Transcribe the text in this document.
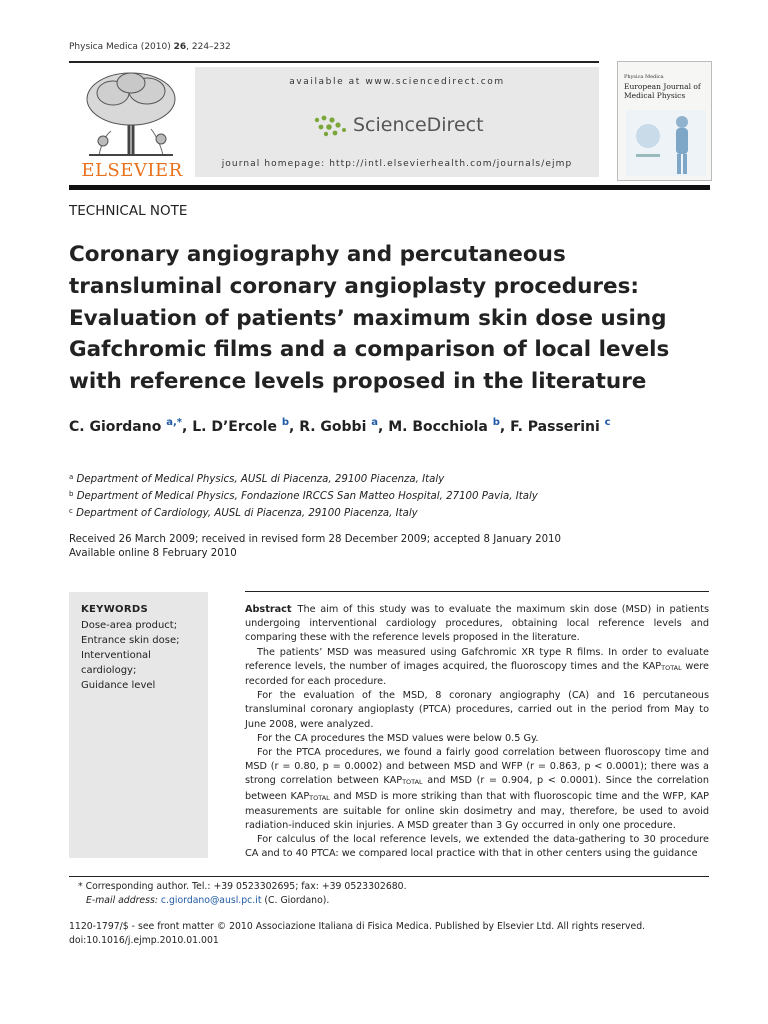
Physica Medica (2010) 26, 224–232
ELSEVIER
available at www.sciencedirect.com
ScienceDirect
journal homepage: http://intl.elsevierhealth.com/journals/ejmp
Physica Medica
European Journal of Medical Physics
TECHNICAL NOTE
Coronary angiography and percutaneous transluminal coronary angioplasty procedures: Evaluation of patients’ maximum skin dose using Gafchromic films and a comparison of local levels with reference levels proposed in the literature
C. Giordano $^{a,*}$, L. D’Ercole $^b$, R. Gobbi $^a$, M. Bocchiola $^b$, F. Passerini $^c$
$^a$ Department of Medical Physics, AUSL di Piacenza, 29100 Piacenza, Italy
$^b$ Department of Medical Physics, Fondazione IRCCS San Matteo Hospital, 27100 Pavia, Italy
$^c$ Department of Cardiology, AUSL di Piacenza, 29100 Piacenza, Italy
Received 26 March 2009; received in revised form 28 December 2009; accepted 8 January 2010
Available online 8 February 2010
KEYWORDS
Dose-area product;
Entrance skin dose;
Interventional
cardiology;
Guidance level

Abstract The aim of this study was to evaluate the maximum skin dose (MSD) in patients undergoing interventional cardiology procedures, obtaining local reference levels and comparing these with the reference levels proposed in the literature.

The patients’ MSD was measured using Gafchromic XR type R films. In order to evaluate reference levels, the number of images acquired, the fluoroscopy times and the $KAP_{TOTAL}$ were recorded for each procedure.

For the evaluation of the MSD, 8 coronary angiography (CA) and 16 percutaneous transluminal coronary angioplasty (PTCA) procedures, carried out in the period from May to June 2008, were analyzed.

For the CA procedures the MSD values were below 0.5 Gy.

For the PTCA procedures, we found a fairly good correlation between fluoroscopy time and MSD (r = 0.80, p = 0.0002) and between MSD and WFP (r = 0.863, p < 0.0001); there was a strong correlation between $KAP_{TOTAL}$ and MSD (r = 0.904, p < 0.0001). Since the correlation between $KAP_{TOTAL}$ and MSD is more striking than that with fluoroscopic time and the WFP, KAP measurements are suitable for online skin dosimetry and may, therefore, be used to avoid radiation-induced skin injuries. A MSD greater than 3 Gy occurred in only one procedure.

For calculus of the local reference levels, we extended the data-gathering to 30 procedure CA and to 40 PTCA: we compared local practice with that in other centers using the guidance

* Corresponding author. Tel.: +39 0523302695; fax: +39 0523302680.
E-mail address: c.giordano@ausl.pc.it (C. Giordano).
1120-1797/$ - see front matter © 2010 Associazione Italiana di Fisica Medica. Published by Elsevier Ltd. All rights reserved.
doi:10.1016/j.ejmp.2010.01.001
